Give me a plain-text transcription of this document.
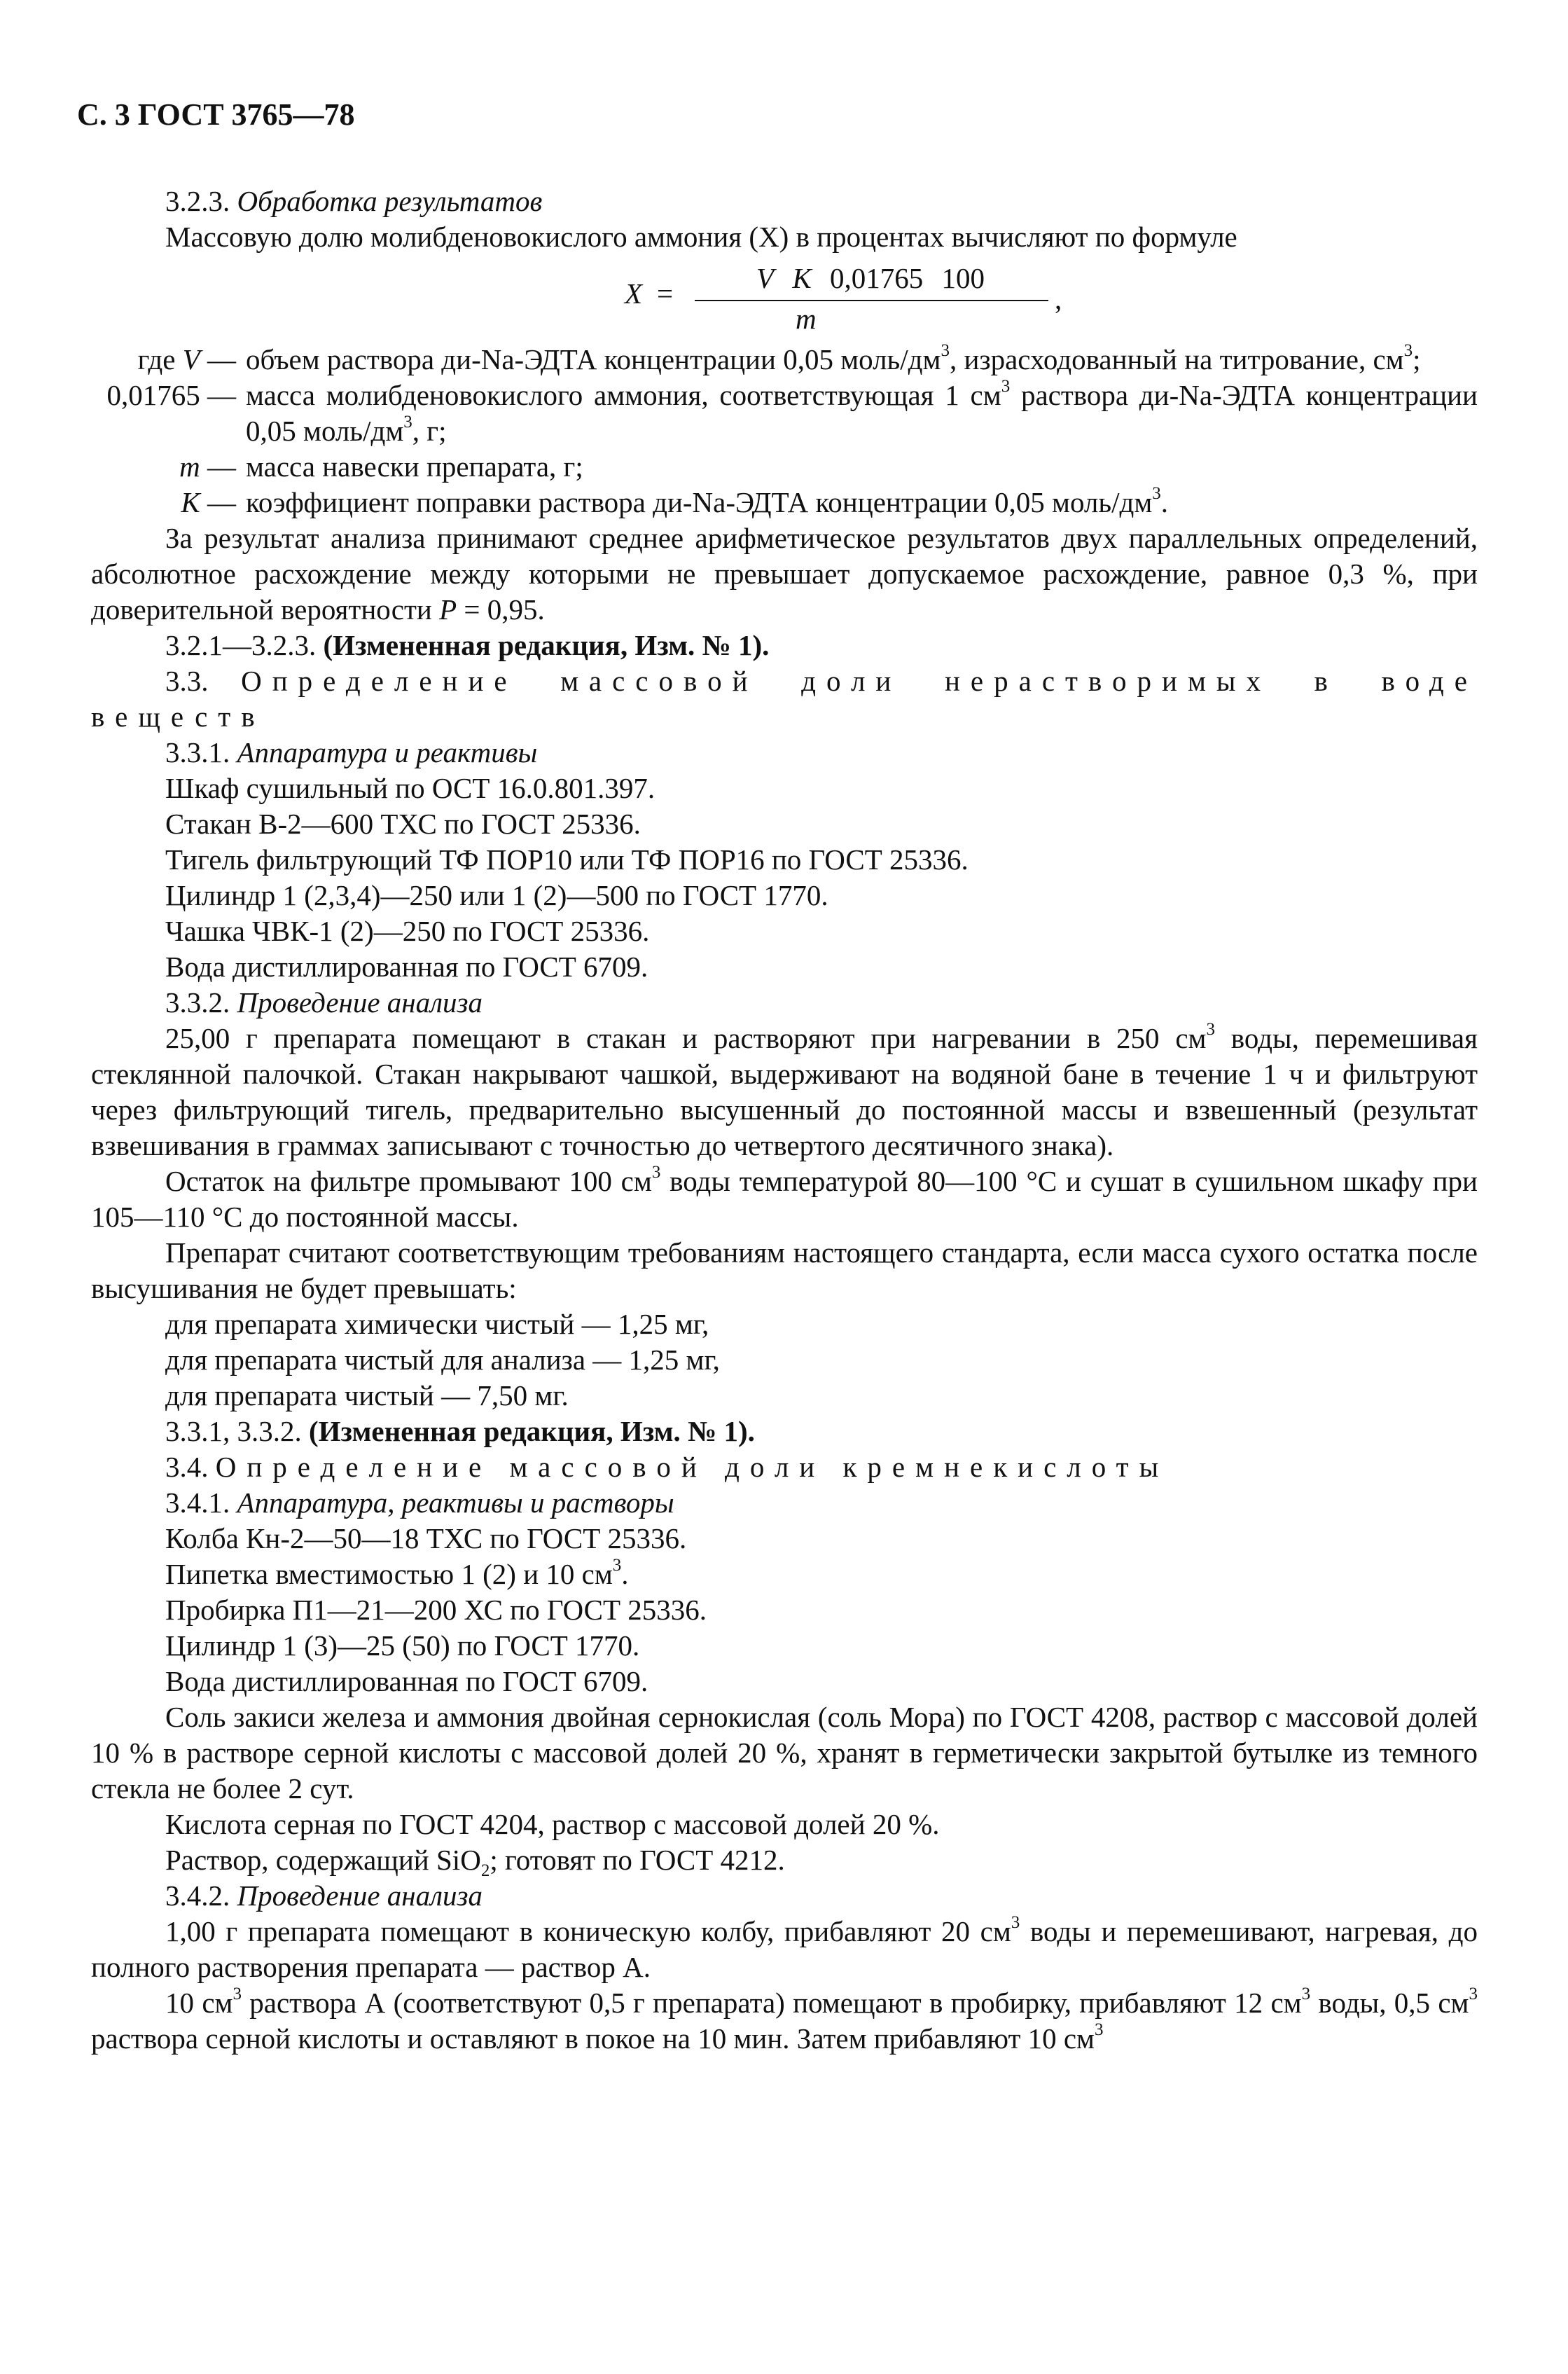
С. 3 ГОСТ 3765—78

3.2.3. Обработка результатов

Массовую долю молибденовокислого аммония (X) в процентах вычисляют по формуле

X =	V K 0,01765 100
m
,
где V — объем раствора ди-Na-ЭДТА концентрации 0,05 моль/$дм^3$, израсходованный на титрование, $см^3$;
0,01765 — масса молибденовокислого аммония, соответствующая 1 $см^3$ раствора ди-Na-ЭДТА концентрации 0,05 моль/$дм^3$, г;
m — масса навески препарата, г;
K — коэффициент поправки раствора ди-Na-ЭДТА концентрации 0,05 моль/$дм^3$.

За результат анализа принимают среднее арифметическое результатов двух параллельных определений, абсолютное расхождение между которыми не превышает допускаемое расхождение, равное 0,3 %, при доверительной вероятности P = 0,95.

3.2.1—3.2.3. (Измененная редакция, Изм. № 1).

3.3. Определение массовой доли нерастворимых в воде веществ

3.3.1. Аппаратура и реактивы

Шкаф сушильный по ОСТ 16.0.801.397.

Стакан В-2—600 ТХС по ГОСТ 25336.

Тигель фильтрующий ТФ ПОР10 или ТФ ПОР16 по ГОСТ 25336.

Цилиндр 1 (2,3,4)—250 или 1 (2)—500 по ГОСТ 1770.

Чашка ЧВК-1 (2)—250 по ГОСТ 25336.

Вода дистиллированная по ГОСТ 6709.

3.3.2. Проведение анализа

25,00 г препарата помещают в стакан и растворяют при нагревании в 250 $см^3$ воды, перемешивая стеклянной палочкой. Стакан накрывают чашкой, выдерживают на водяной бане в течение 1 ч и фильтруют через фильтрующий тигель, предварительно высушенный до постоянной массы и взвешенный (результат взвешивания в граммах записывают с точностью до четвертого десятичного знака).

Остаток на фильтре промывают 100 $см^3$ воды температурой 80—100 °С и сушат в сушильном шкафу при 105—110 °С до постоянной массы.

Препарат считают соответствующим требованиям настоящего стандарта, если масса сухого остатка после высушивания не будет превышать:

для препарата химически чистый — 1,25 мг,

для препарата чистый для анализа — 1,25 мг,

для препарата чистый — 7,50 мг.

3.3.1, 3.3.2. (Измененная редакция, Изм. № 1).

3.4. Определение массовой доли кремнекислоты

3.4.1. Аппаратура, реактивы и растворы

Колба Кн-2—50—18 ТХС по ГОСТ 25336.

Пипетка вместимостью 1 (2) и 10 $см^3$.

Пробирка П1—21—200 ХС по ГОСТ 25336.

Цилиндр 1 (3)—25 (50) по ГОСТ 1770.

Вода дистиллированная по ГОСТ 6709.

Соль закиси железа и аммония двойная сернокислая (соль Мора) по ГОСТ 4208, раствор с массовой долей 10 % в растворе серной кислоты с массовой долей 20 %, хранят в герметически закрытой бутылке из темного стекла не более 2 сут.

Кислота серная по ГОСТ 4204, раствор с массовой долей 20 %.

Раствор, содержащий SiO$_2$; готовят по ГОСТ 4212.

3.4.2. Проведение анализа

1,00 г препарата помещают в коническую колбу, прибавляют 20 $см^3$ воды и перемешивают, нагревая, до полного растворения препарата — раствор А.

10 $см^3$ раствора А (соответствуют 0,5 г препарата) помещают в пробирку, прибавляют 12 $см^3$ воды, 0,5 $см^3$ раствора серной кислоты и оставляют в покое на 10 мин. Затем прибавляют 10 $см^3$
